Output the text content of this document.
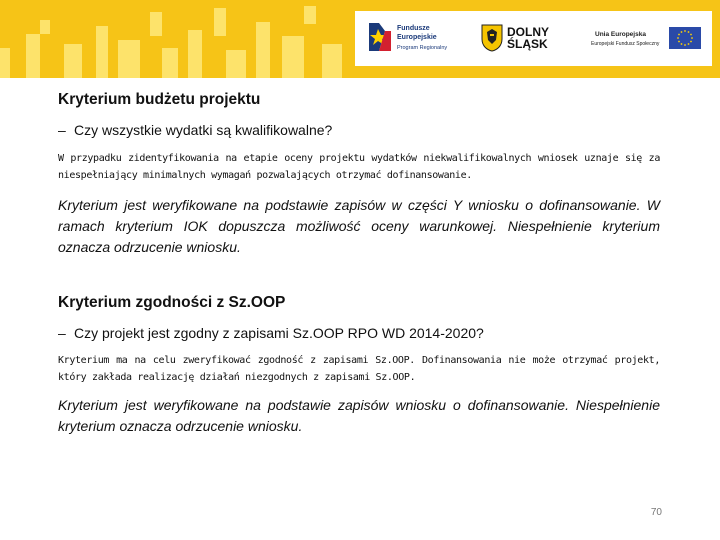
Fundusze
Europejskie
Program Regionalny
DOLNY
ŚLĄSK
Unia Europejska
Europejski Fundusz Społeczny
Kryterium budżetu projektu
– Czy wszystkie wydatki są kwalifikowalne?
W przypadku zidentyfikowania na etapie oceny projektu wydatków niekwalifikowalnych wniosek uznaje się za niespełniający minimalnych wymagań pozwalających otrzymać dofinansowanie.
Kryterium jest weryfikowane na podstawie zapisów w części Y wniosku o dofinansowanie. W ramach kryterium IOK dopuszcza możliwość oceny warunkowej. Niespełnienie kryterium oznacza odrzucenie wniosku.
Kryterium zgodności z Sz.OOP
– Czy projekt jest zgodny z zapisami Sz.OOP RPO WD 2014-2020?
Kryterium ma na celu zweryfikować zgodność z zapisami Sz.OOP. Dofinansowania nie może otrzymać projekt, który zakłada realizację działań niezgodnych z zapisami Sz.OOP.
Kryterium jest weryfikowane na podstawie zapisów wniosku o dofinansowanie. Niespełnienie kryterium oznacza odrzucenie wniosku.
70
